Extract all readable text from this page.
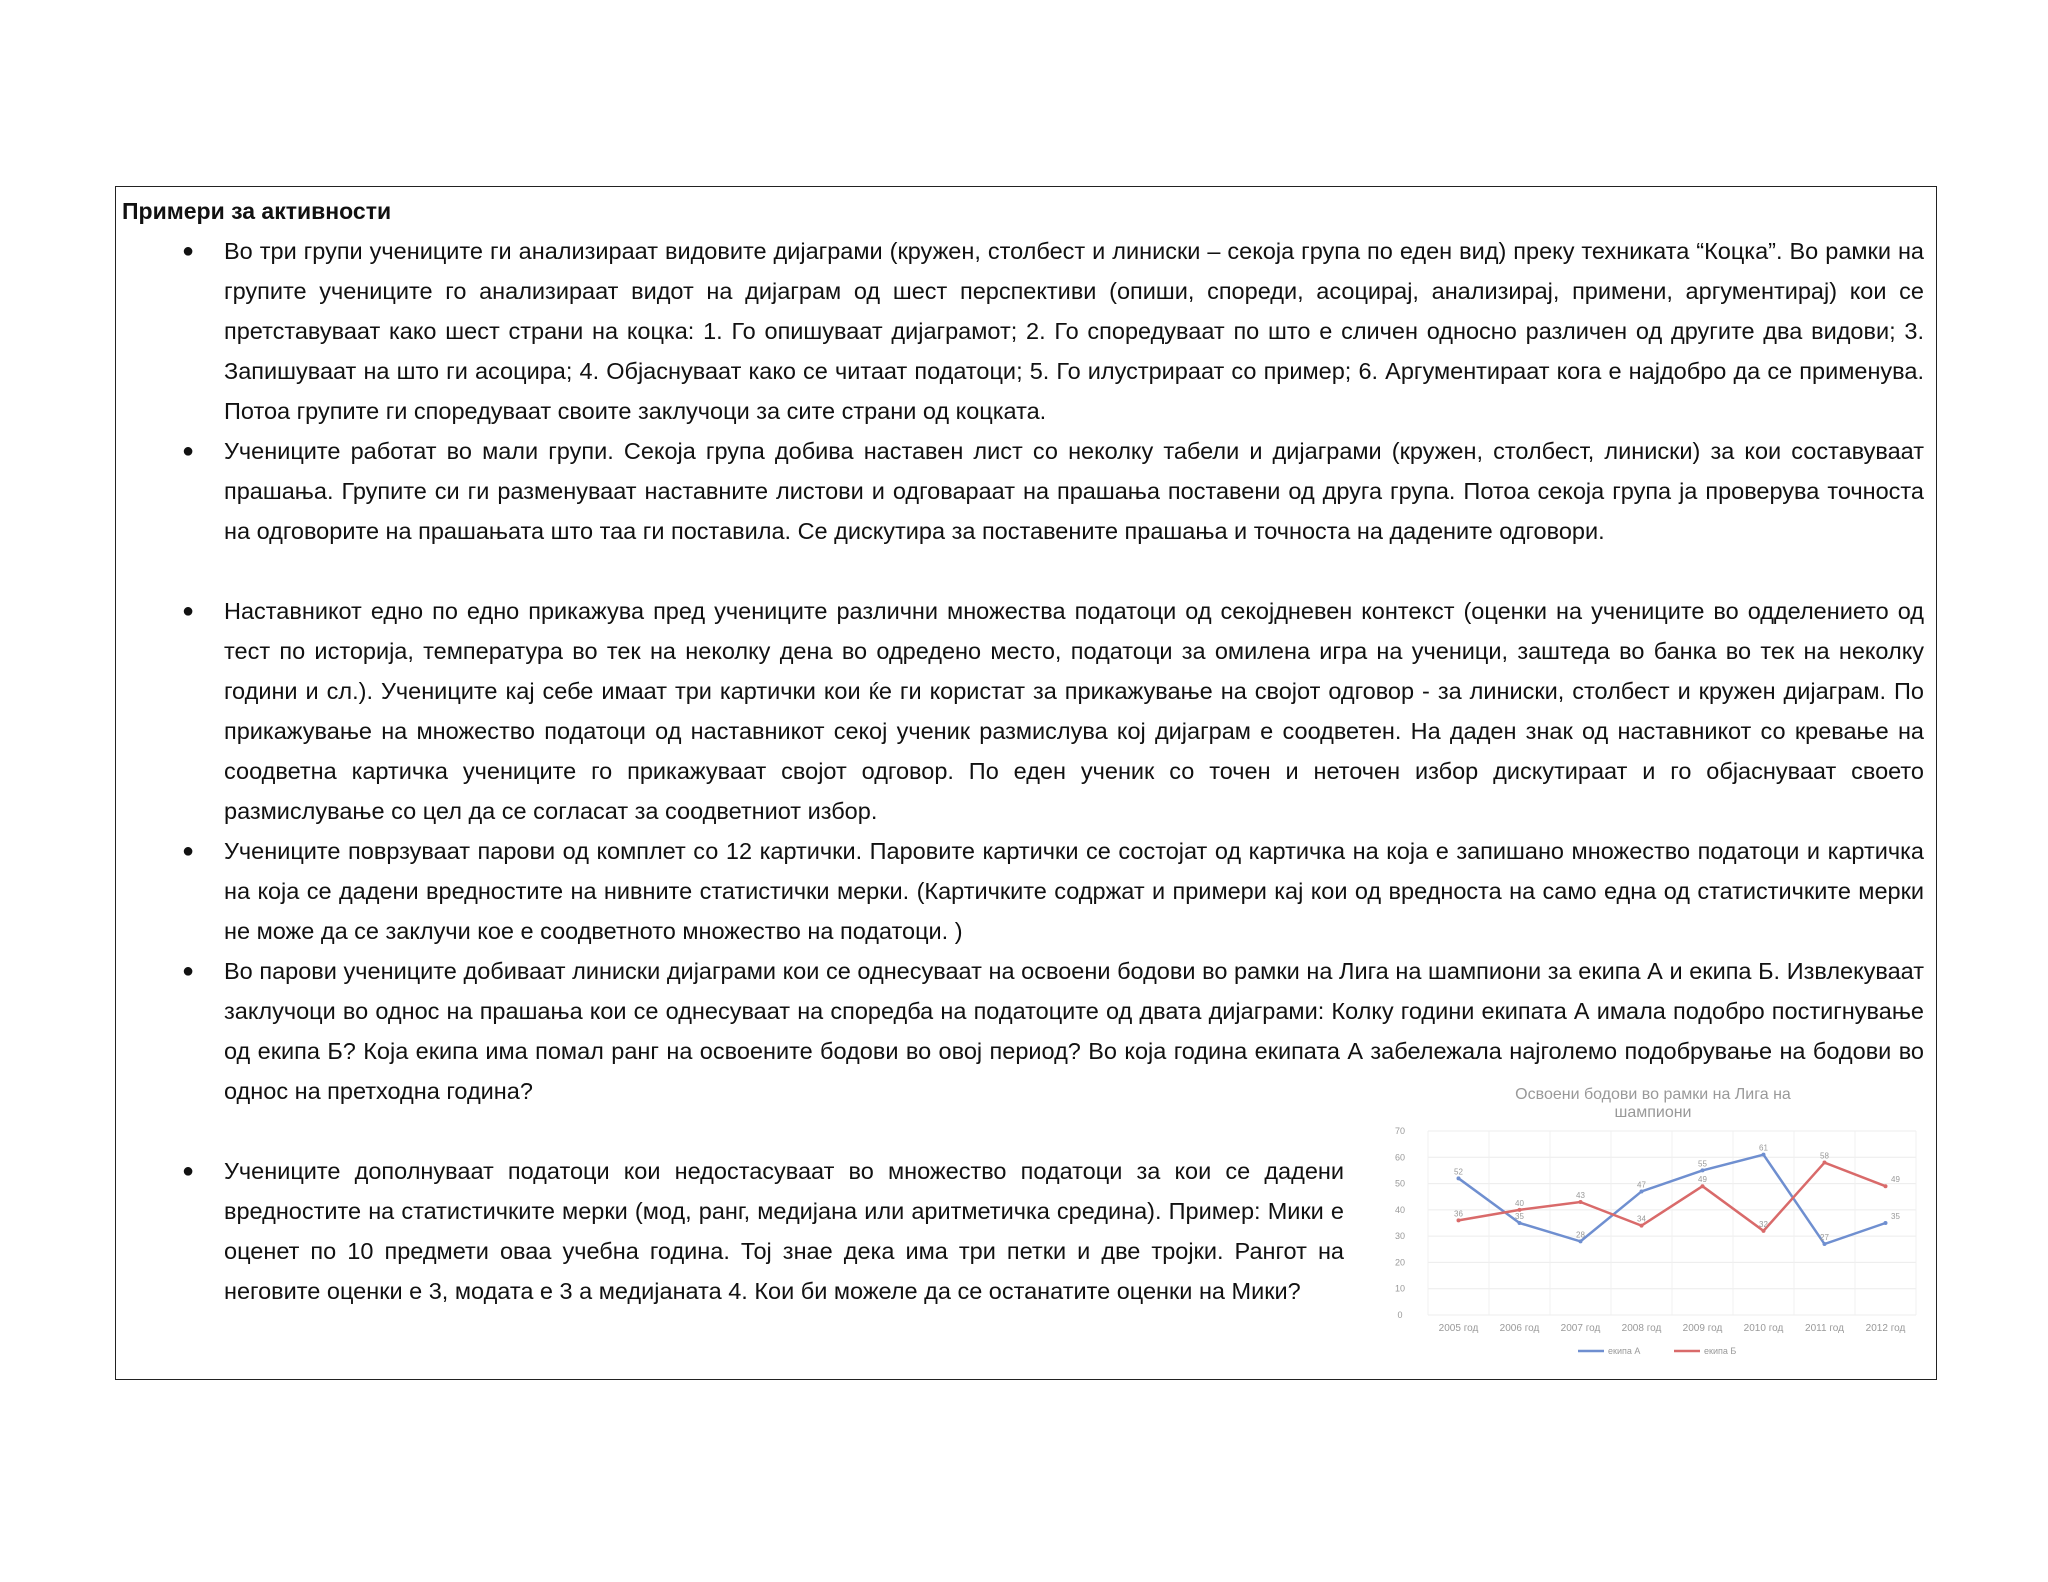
Примери за активности
● Во три групи учениците ги анализираат видовите дијаграми (кружен, столбест и линиски – секоја група по еден вид) преку техниката “Коцка”. Во рамки на групите учениците го анализираат видот на дијаграм од шест перспективи (опиши, спореди, асоцирај, анализирај, примени, аргументирај) кои се претставуваат како шест страни на коцка: 1. Го опишуваат дијаграмот; 2. Го споредуваат по што е сличен односно различен од другите два видови; 3. Запишуваат на што ги асоцира; 4. Објаснуваат како се читаат податоци; 5. Го илустрираат со пример; 6. Аргументираат кога е најдобро да се применува. Потоа групите ги споредуваат своите заклучоци за сите страни од коцката.
● Учениците работат во мали групи. Секоја група добива наставен лист со неколку табели и дијаграми (кружен, столбест, линиски) за кои составуваат прашања. Групите си ги разменуваат наставните листови и одговараат на прашања поставени од друга група. Потоа секоја група ја проверува точноста на одговорите на прашањата што таа ги поставила. Се дискутира за поставените прашања и точноста на дадените одговори.
● Наставникот едно по едно прикажува пред учениците различни множества податоци од секојдневен контекст (оценки на учениците во одделението од тест по историја, температура во тек на неколку дена во одредено место, податоци за омилена игра на ученици, заштеда во банка во тек на неколку години и сл.). Учениците кај себе имаат три картички кои ќе ги користат за прикажување на својот одговор - за линиски, столбест и кружен дијаграм. По прикажување на множество податоци од наставникот секој ученик размислува кој дијаграм е соодветен. На даден знак од наставникот со кревање на соодветна картичка учениците го прикажуваат својот одговор. По еден ученик со точен и неточен избор дискутираат и го објаснуваат своето размислување со цел да се согласат за соодветниот избор.
● Учениците поврзуваат парови од комплет со 12 картички. Паровите картички се состојат од картичка на која е запишано множество податоци и картичка на која се дадени вредностите на нивните статистички мерки. (Картичките содржат и примери кај кои од вредноста на само една од статистичките мерки не може да се заклучи кое е соодветното множество на податоци. )
● Во парови учениците добиваат линиски дијаграми кои се однесуваат на освоени бодови во рамки на Лига на шампиони за екипа А и екипа Б. Извлекуваат заклучоци во однос на прашања кои се однесуваат на споредба на податоците од двата дијаграми: Колку години екипата А имала подобро постигнување од екипа Б? Која екипа има помал ранг на освоените бодови во овој период? Во која година екипата А забележала најголемо подобрување на бодови во однос на претходна година?
● Учениците дополнуваат податоци кои недостасуваат во множество податоци за кои се дадени вредностите на статистичките мерки (мод, ранг, медијана или аритметичка средина). Пример: Мики е оценет по 10 предмети оваа учебна година. Тој знае дека има три петки и две тројки. Рангот на неговите оценки е 3, модата е 3 а медијаната 4. Кои би можеле да се останатите оценки на Мики?
Освоени бодови во рамки на Лига на
шампиони
0
10
20
30
40
50
60
70
2005 год 2006 год 2007 год 2008 год 2009 год 2010 год 2011 год 2012 год
52
35
28
47
55
61
27
35
36
40
43
34
49
32
58
49
екипа А	екипа Б
